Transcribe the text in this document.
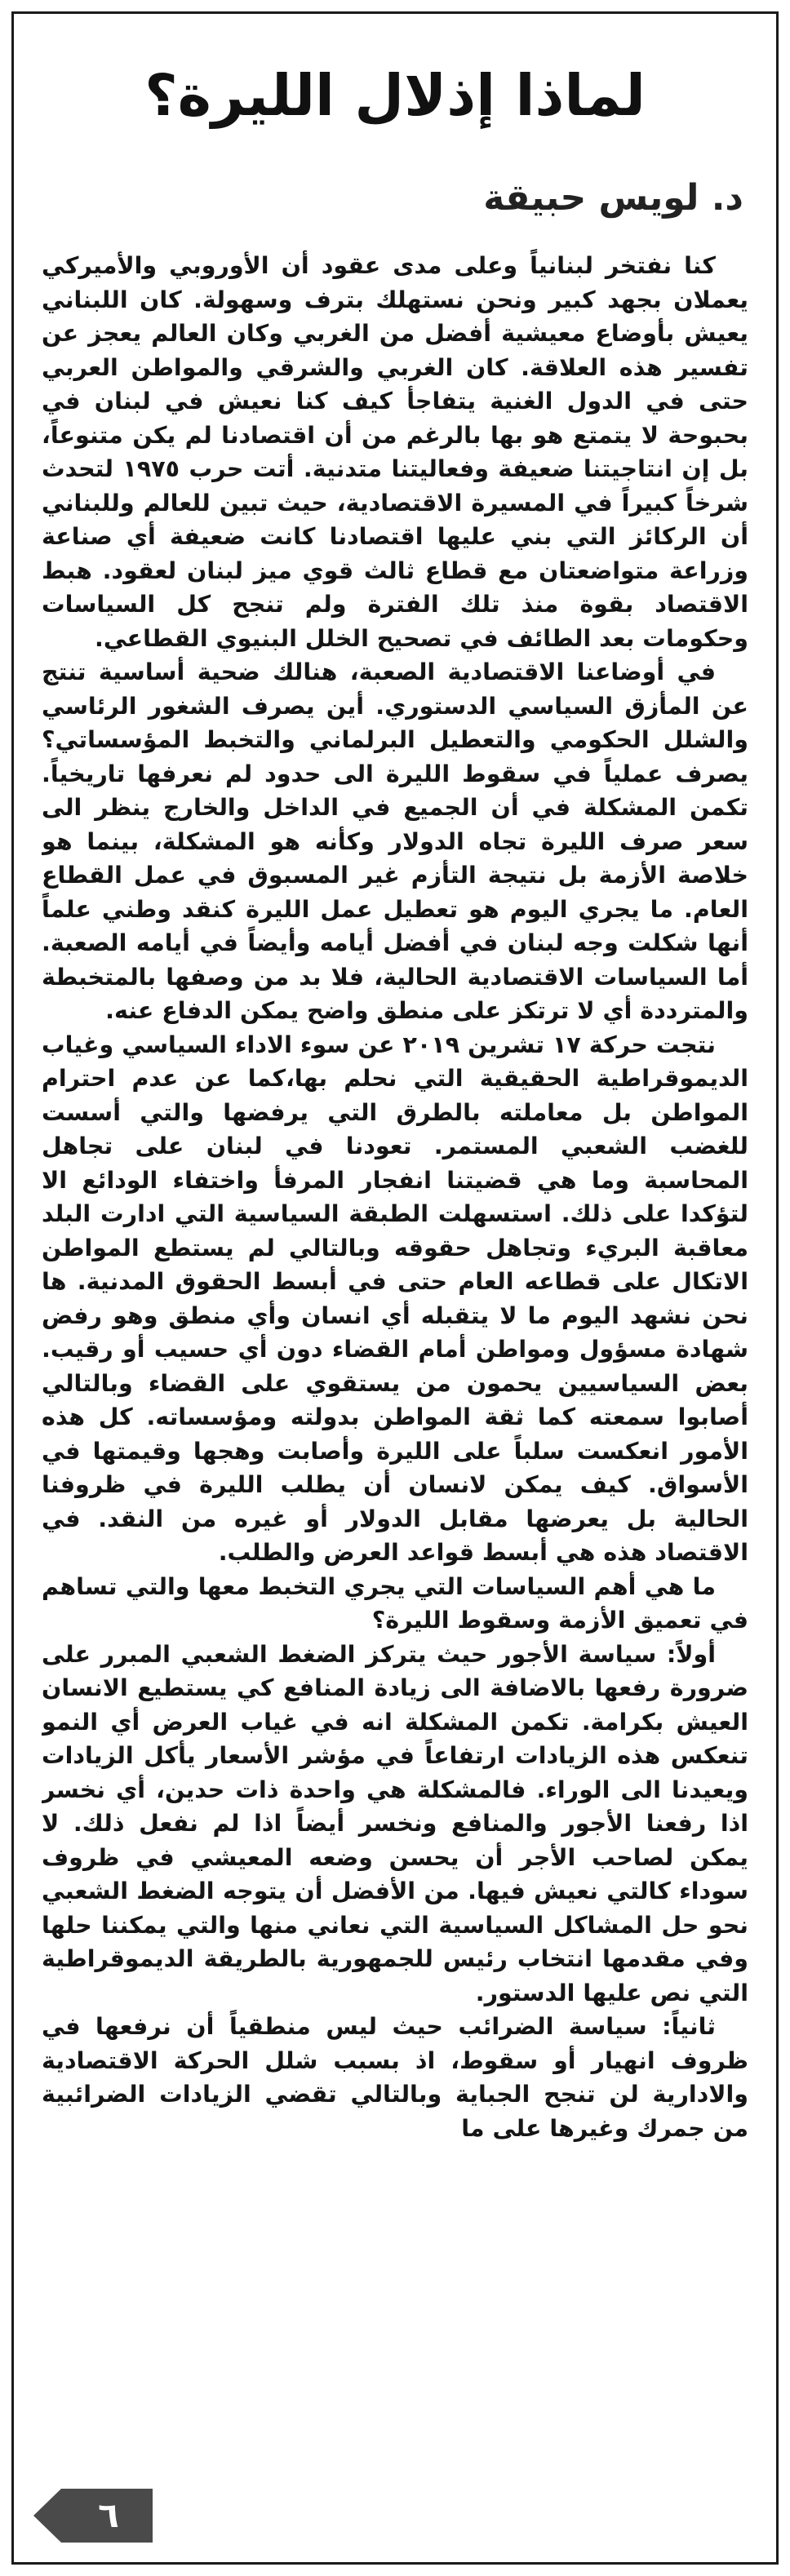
لماذا إذلال الليرة؟
د. لويس حبيقة

كنا نفتخر لبنانياً وعلى مدى عقود أن الأوروبي والأميركي يعملان بجهد كبير ونحن نستهلك بترف وسهولة. كان اللبناني يعيش بأوضاع معيشية أفضل من الغربي وكان العالم يعجز عن تفسير هذه العلاقة. كان الغربي والشرقي والمواطن العربي حتى في الدول الغنية يتفاجأ كيف كنا نعيش في لبنان في بحبوحة لا يتمتع هو بها بالرغم من أن اقتصادنا لم يكن متنوعاً، بل إن انتاجيتنا ضعيفة وفعاليتنا متدنية. أتت حرب ١٩٧٥ لتحدث شرخاً كبيراً في المسيرة الاقتصادية، حيث تبين للعالم وللبناني أن الركائز التي بني عليها اقتصادنا كانت ضعيفة أي صناعة وزراعة متواضعتان مع قطاع ثالث قوي ميز لبنان لعقود. هبط الاقتصاد بقوة منذ تلك الفترة ولم تنجح كل السياسات وحكومات بعد الطائف في تصحيح الخلل البنيوي القطاعي.

في أوضاعنا الاقتصادية الصعبة، هنالك ضحية أساسية تنتج عن المأزق السياسي الدستوري. أين يصرف الشغور الرئاسي والشلل الحكومي والتعطيل البرلماني والتخبط المؤسساتي؟ يصرف عملياً في سقوط الليرة الى حدود لم نعرفها تاريخياً. تكمن المشكلة في أن الجميع في الداخل والخارج ينظر الى سعر صرف الليرة تجاه الدولار وكأنه هو المشكلة، بينما هو خلاصة الأزمة بل نتيجة التأزم غير المسبوق في عمل القطاع العام. ما يجري اليوم هو تعطيل عمل الليرة كنقد وطني علماً أنها شكلت وجه لبنان في أفضل أيامه وأيضاً في أيامه الصعبة. أما السياسات الاقتصادية الحالية، فلا بد من وصفها بالمتخبطة والمترددة أي لا ترتكز على منطق واضح يمكن الدفاع عنه.

نتجت حركة ١٧ تشرين ٢٠١٩ عن سوء الاداء السياسي وغياب الديموقراطية الحقيقية التي نحلم بها،كما عن عدم احترام المواطن بل معاملته بالطرق التي يرفضها والتي أسست للغضب الشعبي المستمر. تعودنا في لبنان على تجاهل المحاسبة وما هي قضيتنا انفجار المرفأ واختفاء الودائع الا لتؤكدا على ذلك. استسهلت الطبقة السياسية التي ادارت البلد معاقبة البريء وتجاهل حقوقه وبالتالي لم يستطع المواطن الاتكال على قطاعه العام حتى في أبسط الحقوق المدنية. ها نحن نشهد اليوم ما لا يتقبله أي انسان وأي منطق وهو رفض شهادة مسؤول ومواطن أمام القضاء دون أي حسيب أو رقيب. بعض السياسيين يحمون من يستقوي على القضاء وبالتالي أصابوا سمعته كما ثقة المواطن بدولته ومؤسساته. كل هذه الأمور انعكست سلباً على الليرة وأصابت وهجها وقيمتها في الأسواق. كيف يمكن لانسان أن يطلب الليرة في ظروفنا الحالية بل يعرضها مقابل الدولار أو غيره من النقد. في الاقتصاد هذه هي أبسط قواعد العرض والطلب.

ما هي أهم السياسات التي يجري التخبط معها والتي تساهم في تعميق الأزمة وسقوط الليرة؟

أولاً: سياسة الأجور حيث يتركز الضغط الشعبي المبرر على ضرورة رفعها بالاضافة الى زيادة المنافع كي يستطيع الانسان العيش بكرامة. تكمن المشكلة انه في غياب العرض أي النمو تنعكس هذه الزيادات ارتفاعاً في مؤشر الأسعار يأكل الزيادات ويعيدنا الى الوراء. فالمشكلة هي واحدة ذات حدين، أي نخسر اذا رفعنا الأجور والمنافع ونخسر أيضاً اذا لم نفعل ذلك. لا يمكن لصاحب الأجر أن يحسن وضعه المعيشي في ظروف سوداء كالتي نعيش فيها. من الأفضل أن يتوجه الضغط الشعبي نحو حل المشاكل السياسية التي نعاني منها والتي يمكننا حلها وفي مقدمها انتخاب رئيس للجمهورية بالطريقة الديموقراطية التي نص عليها الدستور.

ثانياً: سياسة الضرائب حيث ليس منطقياً أن نرفعها في ظروف انهيار أو سقوط، اذ بسبب شلل الحركة الاقتصادية والادارية لن تنجح الجباية وبالتالي تقضي الزيادات الضرائبية من جمرك وغيرها على ما

٦
